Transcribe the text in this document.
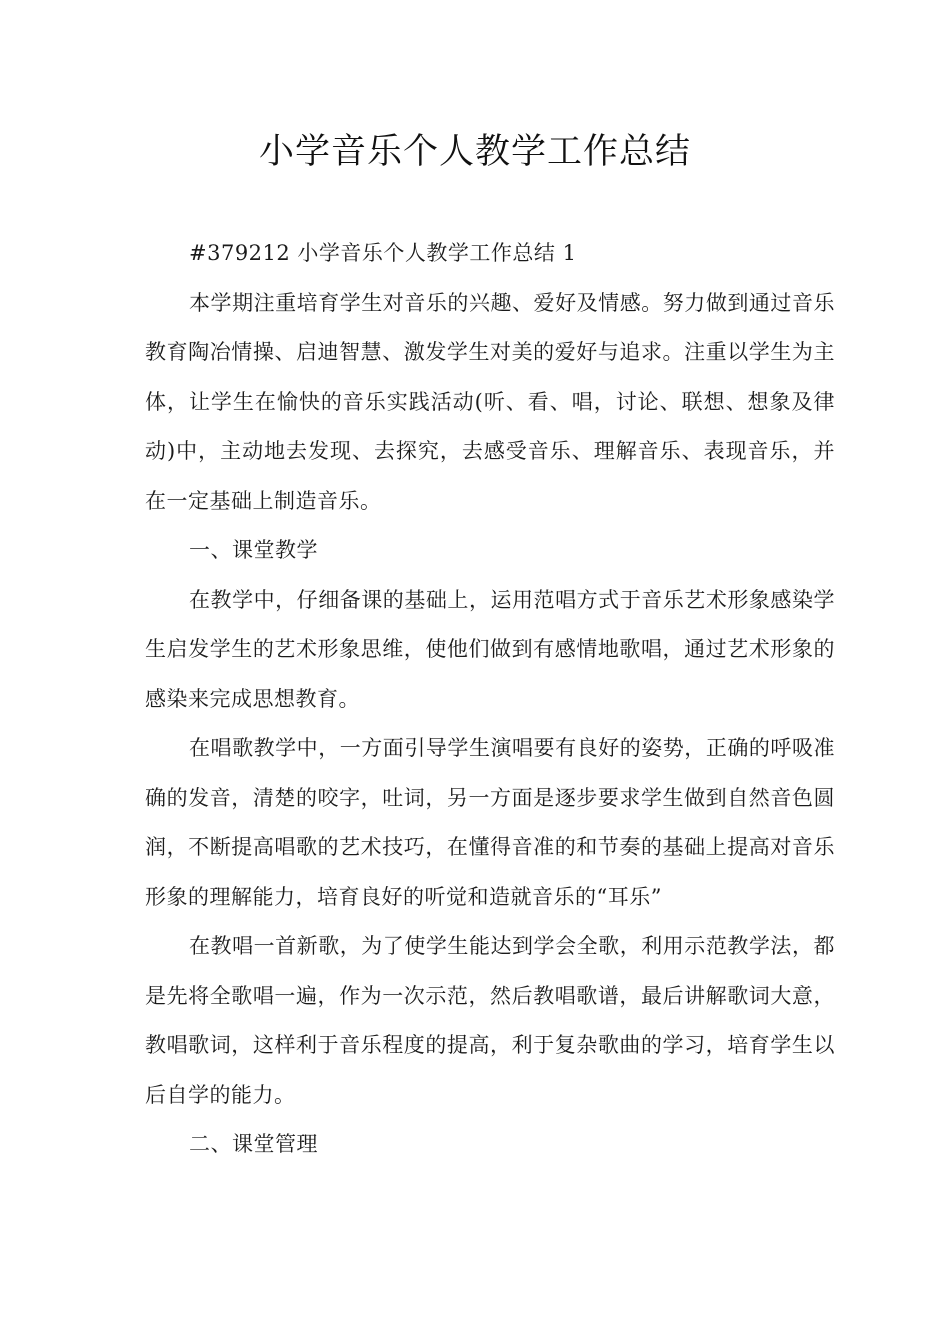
小学音乐个人教学工作总结

#379212 小学音乐个人教学工作总结 1

本学期注重培育学生对音乐的兴趣、爱好及情感。努力做到通过音乐教育陶冶情操、启迪智慧、激发学生对美的爱好与追求。注重以学生为主体，让学生在愉快的音乐实践活动(听、看、唱，讨论、联想、想象及律动)中，主动地去发现、去探究，去感受音乐、理解音乐、表现音乐，并在一定基础上制造音乐。

一、课堂教学

在教学中，仔细备课的基础上，运用范唱方式于音乐艺术形象感染学生启发学生的艺术形象思维，使他们做到有感情地歌唱，通过艺术形象的感染来完成思想教育。

在唱歌教学中，一方面引导学生演唱要有良好的姿势，正确的呼吸准确的发音，清楚的咬字，吐词，另一方面是逐步要求学生做到自然音色圆润，不断提高唱歌的艺术技巧，在懂得音准的和节奏的基础上提高对音乐形象的理解能力，培育良好的听觉和造就音乐的“耳乐”

在教唱一首新歌，为了使学生能达到学会全歌，利用示范教学法，都是先将全歌唱一遍，作为一次示范，然后教唱歌谱，最后讲解歌词大意，教唱歌词，这样利于音乐程度的提高，利于复杂歌曲的学习，培育学生以后自学的能力。

二、课堂管理
